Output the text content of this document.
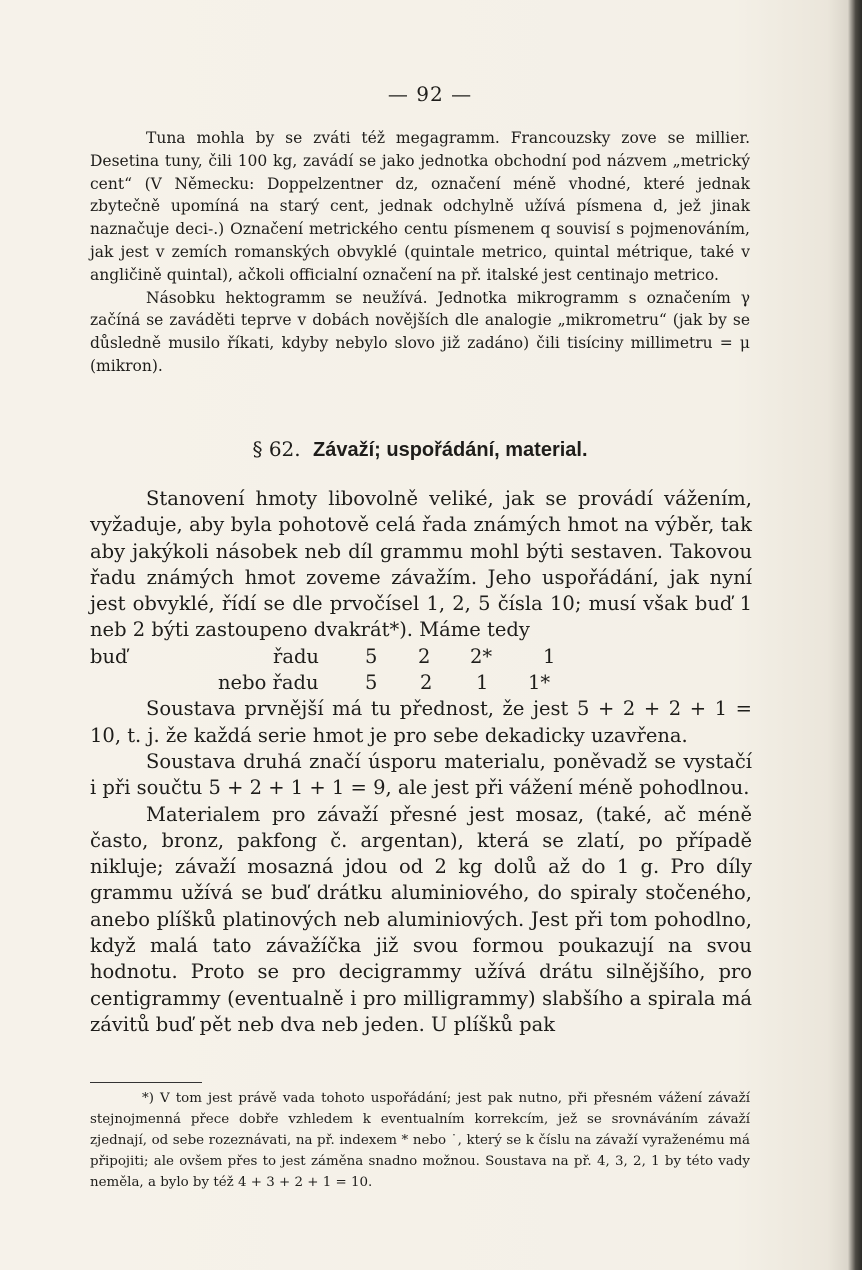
— 92 —

Tuna mohla by se zváti též megagramm. Francouzsky zove se millier. Desetina tuny, čili 100 kg, zavádí se jako jednotka obchodní pod názvem „metrický cent“ (V Německu: Doppelzentner dz, označení méně vhodné, které jednak zbytečně upomíná na starý cent, jednak odchylně užívá písmena d, jež jinak naznačuje deci-.) Označení metrického centu písmenem q souvisí s pojmenováním, jak jest v zemích romanských obvyklé (quintale metrico, quintal métrique, také v angličině quintal), ačkoli officialní označení na př. italské jest centinajo metrico.

Násobku hektogramm se neužívá. Jednotka mikrogramm s označením γ začíná se zaváděti teprve v dobách novějších dle analogie „mikrometru“ (jak by se důsledně musilo říkati, kdyby nebylo slovo již zadáno) čili tisíciny millimetru = μ (mikron).

§ 62. Závaží; uspořádání, material.

Stanovení hmoty libovolně veliké, jak se provádí vážením, vyžaduje, aby byla pohotově celá řada známých hmot na výběr, tak aby jakýkoli násobek neb díl grammu mohl býti sestaven. Takovou řadu známých hmot zoveme závažím. Jeho uspořádání, jak nyní jest obvyklé, řídí se dle prvočísel 1, 2, 5 čísla 10; musí však buď 1 neb 2 býti zastoupeno dvakrát*). Máme tedy

buď	řadu 5 2 2*	1
nebo řadu 5 2 1 1*

Soustava prvnější má tu přednost, že jest 5 + 2 + 2 + 1 = 10, t. j. že každá serie hmot je pro sebe dekadicky uzavřena.

Soustava druhá značí úsporu materialu, poněvadž se vystačí i při součtu 5 + 2 + 1 + 1 = 9, ale jest při vážení méně pohodlnou.

Materialem pro závaží přesné jest mosaz, (také, ač méně často, bronz, pakfong č. argentan), která se zlatí, po případě nikluje; závaží mosazná jdou od 2 kg dolů až do 1 g. Pro díly grammu užívá se buď drátku aluminiového, do spiraly stočeného, anebo plíšků platinových neb aluminiových. Jest při tom pohodlno, když malá tato závažíčka již svou formou poukazují na svou hodnotu. Proto se pro decigrammy užívá drátu silnějšího, pro centigrammy (eventualně i pro milligrammy) slabšího a spirala má závitů buď pět neb dva neb jeden. U plíšků pak

*) V tom jest právě vada tohoto uspořádání; jest pak nutno, při přesném vážení závaží stejnojmenná přece dobře vzhledem k eventualním korrekcím, jež se srovnáváním závaží zjednají, od sebe rozeznávati, na př. indexem * nebo ˙, který se k číslu na závaží vyraženému má připojiti; ale ovšem přes to jest záměna snadno možnou. Soustava na př. 4, 3, 2, 1 by této vady neměla, a bylo by též 4 + 3 + 2 + 1 = 10.
